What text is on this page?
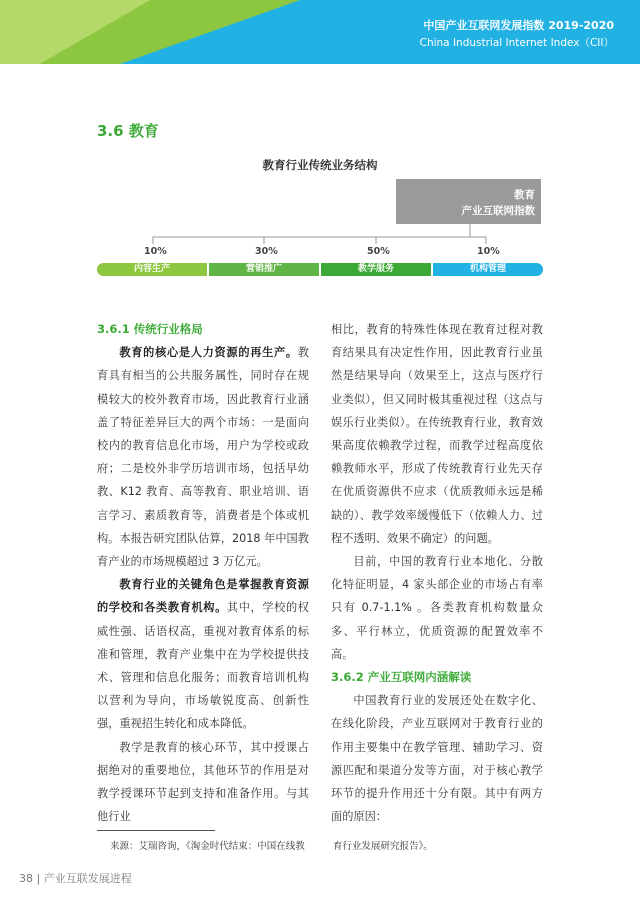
中国产业互联网发展指数 2019-2020
China Industrial Internet Index（CII）
3.6 教育
教育行业传统业务结构
教育
产业互联网指数
10%	30%	50%	10%
内容生产	营销推广	教学服务	机构管理

3.6.1 传统行业格局

教育的核心是人力资源的再生产。教育具有相当的公共服务属性，同时存在规模较大的校外教育市场，因此教育行业涵盖了特征差异巨大的两个市场：一是面向校内的教育信息化市场，用户为学校或政府；二是校外非学历培训市场，包括早幼教、K12 教育、高等教育、职业培训、语言学习、素质教育等，消费者是个体或机构。本报告研究团队估算，2018 年中国教育产业的市场规模超过 3 万亿元。

教育行业的关键角色是掌握教育资源的学校和各类教育机构。其中，学校的权威性强、话语权高，重视对教育体系的标准和管理，教育产业集中在为学校提供技术、管理和信息化服务；而教育培训机构以营利为导向，市场敏锐度高、创新性强，重视招生转化和成本降低。

教学是教育的核心环节，其中授课占据绝对的重要地位，其他环节的作用是对教学授课环节起到支持和准备作用。与其他行业

相比，教育的特殊性体现在教育过程对教育结果具有决定性作用，因此教育行业虽然是结果导向（效果至上，这点与医疗行业类似），但又同时极其重视过程（这点与娱乐行业类似）。在传统教育行业，教育效果高度依赖教学过程，而教学过程高度依赖教师水平，形成了传统教育行业先天存在优质资源供不应求（优质教师永远是稀缺的）、教学效率缓慢低下（依赖人力、过程不透明、效果不确定）的问题。

目前，中国的教育行业本地化、分散化特征明显，4 家头部企业的市场占有率只有 0.7-1.1% 。各类教育机构数量众多、平行林立，优质资源的配置效率不高。

3.6.2 产业互联网内涵解读

中国教育行业的发展还处在数字化、在线化阶段，产业互联网对于教育行业的作用主要集中在教学管理、辅助学习、资源匹配和渠道分发等方面，对于核心教学环节的提升作用还十分有限。其中有两方面的原因：

来源：艾瑞咨询，《淘金时代结束：中国在线教	育行业发展研究报告》。
38 | 产业互联发展进程
